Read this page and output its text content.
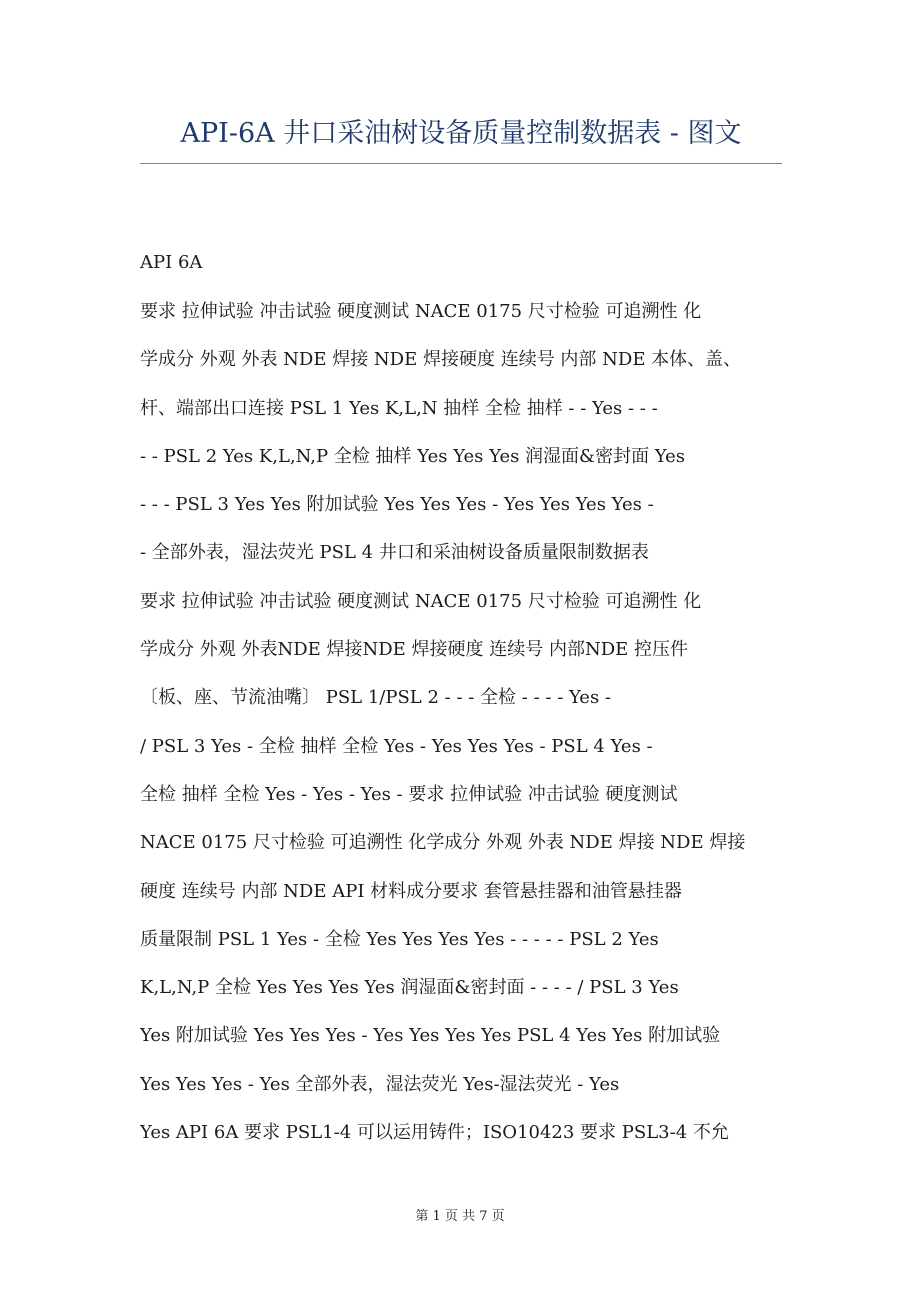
API-6A 井口采油树设备质量控制数据表 - 图文
API 6A
要求 拉伸试验 冲击试验 硬度测试 NACE 0175 尺寸检验 可追溯性 化
学成分 外观 外表 NDE 焊接 NDE 焊接硬度 连续号 内部 NDE 本体、盖、
杆、端部出口连接 PSL 1 Yes K,L,N 抽样 全检 抽样 - - Yes - - -
- - PSL 2 Yes K,L,N,P 全检 抽样 Yes Yes Yes 润湿面&密封面 Yes
- - - PSL 3 Yes Yes 附加试验 Yes Yes Yes - Yes Yes Yes Yes -
- 全部外表，湿法荧光 PSL 4 井口和采油树设备质量限制数据表
要求 拉伸试验 冲击试验 硬度测试 NACE 0175 尺寸检验 可追溯性 化
学成分 外观 外表NDE 焊接NDE 焊接硬度 连续号 内部NDE 控压件
〔板、座、节流油嘴〕 PSL 1/PSL 2 - - - 全检 - - - - Yes -
/ PSL 3 Yes - 全检 抽样 全检 Yes - Yes Yes Yes - PSL 4 Yes -
全检 抽样 全检 Yes - Yes - Yes - 要求 拉伸试验 冲击试验 硬度测试
NACE 0175 尺寸检验 可追溯性 化学成分 外观 外表 NDE 焊接 NDE 焊接
硬度 连续号 内部 NDE API 材料成分要求 套管悬挂器和油管悬挂器
质量限制 PSL 1 Yes - 全检 Yes Yes Yes Yes - - - - - PSL 2 Yes
K,L,N,P 全检 Yes Yes Yes Yes 润湿面&密封面 - - - - / PSL 3 Yes
Yes 附加试验 Yes Yes Yes - Yes Yes Yes Yes PSL 4 Yes Yes 附加试验
Yes Yes Yes - Yes 全部外表，湿法荧光 Yes-湿法荧光 - Yes
Yes API 6A 要求 PSL1-4 可以运用铸件；ISO10423 要求 PSL3-4 不允
第 1 页 共 7 页
